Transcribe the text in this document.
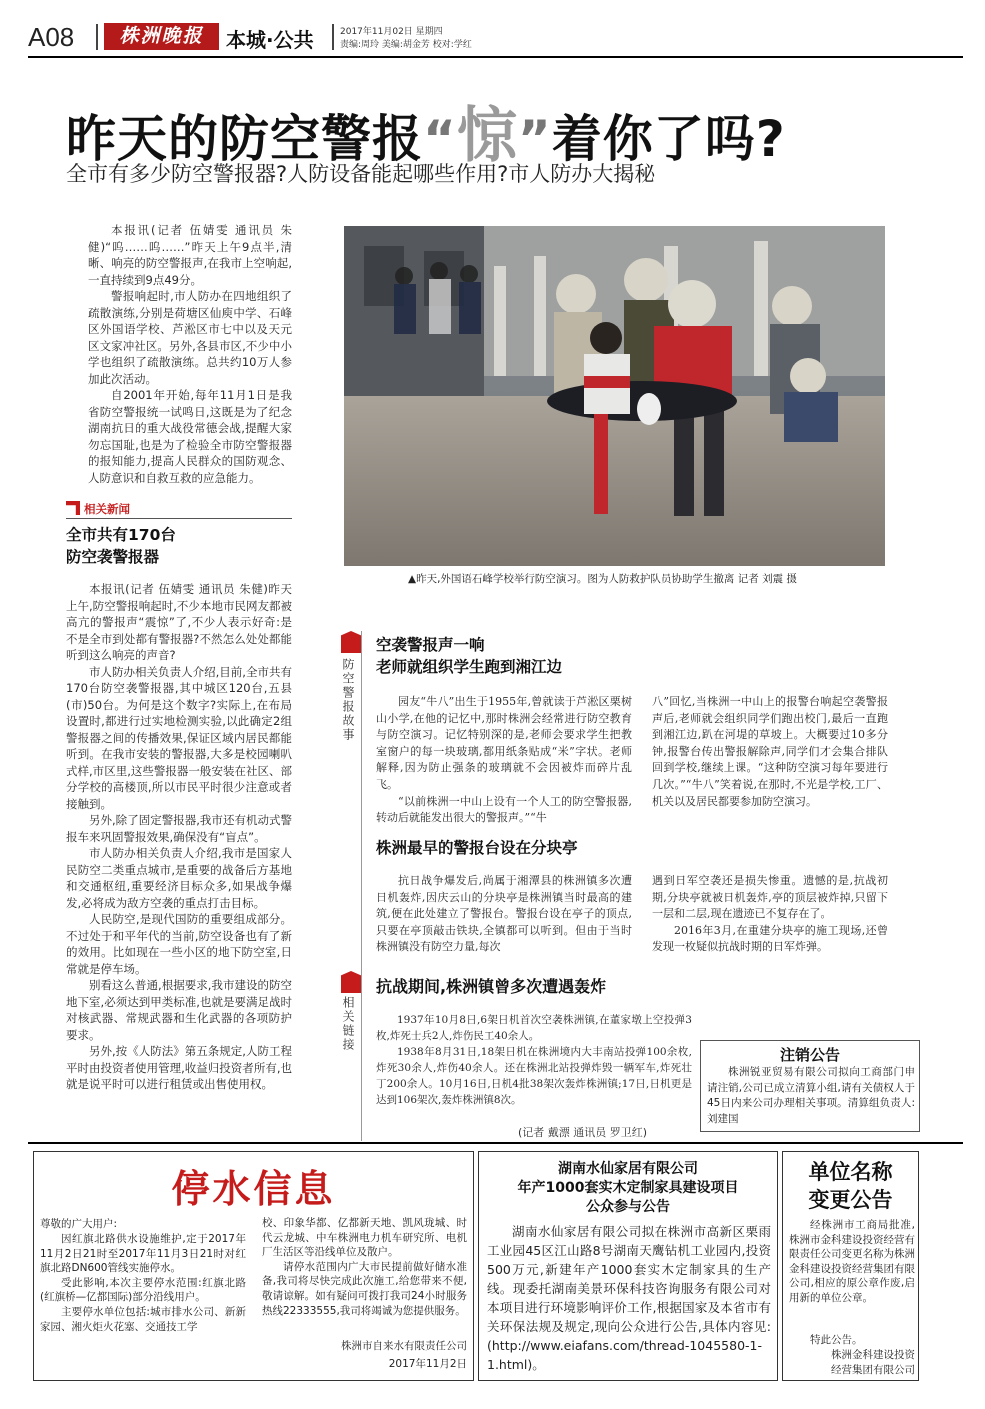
A08	株洲晚报	本城·公共	2017年11月02日 星期四
责编:周玲 美编:胡金芳 校对:学红
昨天的防空警报“惊”着你了吗?
全市有多少防空警报器?人防设备能起哪些作用?市人防办大揭秘

本报讯(记者 伍婧雯 通讯员 朱健)“呜……呜……”昨天上午9点半,清晰、响亮的防空警报声,在我市上空响起,一直持续到9点49分。

警报响起时,市人防办在四地组织了疏散演练,分别是荷塘区仙庾中学、石峰区外国语学校、芦淞区市七中以及天元区文家冲社区。另外,各县市区,不少中小学也组织了疏散演练。总共约10万人参加此次活动。

自2001年开始,每年11月1日是我省防空警报统一试鸣日,这既是为了纪念湖南抗日的重大战役常德会战,提醒大家勿忘国耻,也是为了检验全市防空警报器的报知能力,提高人民群众的国防观念、人防意识和自救互救的应急能力。

▲昨天,外国语石峰学校举行防空演习。图为人防救护队员协助学生撤离 记者 刘震 摄
相关新闻
全市共有170台
防空袭警报器

本报讯(记者 伍婧雯 通讯员 朱健)昨天上午,防空警报响起时,不少本地市民网友都被高亢的警报声“震惊”了,不少人表示好奇:是不是全市到处都有警报器?不然怎么处处都能听到这么响亮的声音?

市人防办相关负责人介绍,目前,全市共有170台防空袭警报器,其中城区120台,五县(市)50台。为何是这个数字?实际上,在布局设置时,都进行过实地检测实验,以此确定2组警报器之间的传播效果,保证区域内居民都能听到。在我市安装的警报器,大多是校园喇叭式样,市区里,这些警报器一般安装在社区、部分学校的高楼顶,所以市民平时很少注意或者接触到。

另外,除了固定警报器,我市还有机动式警报车来巩固警报效果,确保没有“盲点”。

市人防办相关负责人介绍,我市是国家人民防空二类重点城市,是重要的战备后方基地和交通枢纽,重要经济目标众多,如果战争爆发,必将成为敌方空袭的重点打击目标。

人民防空,是现代国防的重要组成部分。不过处于和平年代的当前,防空设备也有了新的效用。比如现在一些小区的地下防空室,日常就是停车场。

别看这么普通,根据要求,我市建设的防空地下室,必须达到甲类标准,也就是要满足战时对核武器、常规武器和生化武器的各项防护要求。

另外,按《人防法》第五条规定,人防工程平时由投资者使用管理,收益归投资者所有,也就是说平时可以进行租赁或出售使用权。

防空警报故事
空袭警报声一响
老师就组织学生跑到湘江边

园友“牛八”出生于1955年,曾就读于芦淞区栗树山小学,在他的记忆中,那时株洲会经常进行防空教育与防空演习。记忆特别深的是,老师会要求学生把教室窗户的每一块玻璃,都用纸条贴成“米”字状。老师解释,因为防止强条的玻璃就不会因被炸而碎片乱飞。

“以前株洲一中山上设有一个人工的防空警报器,转动后就能发出很大的警报声。”“牛

八”回忆,当株洲一中山上的报警台响起空袭警报声后,老师就会组织同学们跑出校门,最后一直跑到湘江边,趴在河堤的草坡上。大概要过10多分钟,报警台传出警报解除声,同学们才会集合排队回到学校,继续上课。“这种防空演习每年要进行几次。”“牛八”笑着说,在那时,不光是学校,工厂、机关以及居民都要参加防空演习。

株洲最早的警报台设在分块亭

抗日战争爆发后,尚属于湘潭县的株洲镇多次遭日机轰炸,因庆云山的分块亭是株洲镇当时最高的建筑,便在此处建立了警报台。警报台设在亭子的顶点,只要在亭顶敲击铁块,全镇都可以听到。但由于当时株洲镇没有防空力量,每次

遇到日军空袭还是损失惨重。遗憾的是,抗战初期,分块亭就被日机轰炸,亭的顶层被炸掉,只留下一层和二层,现在遗迹已不复存在了。

2016年3月,在重建分块亭的施工现场,还曾发现一枚疑似抗战时期的日军炸弹。

相关链接
抗战期间,株洲镇曾多次遭遇轰炸

1937年10月8日,6架日机首次空袭株洲镇,在董家墩上空投弹3枚,炸死士兵2人,炸伤民工40余人。

1938年8月31日,18架日机在株洲境内大丰南站投弹100余枚,炸死30余人,炸伤40余人。还在株洲北站投弹炸毁一辆军车,炸死壮丁200余人。10月16日,日机4批38架次轰炸株洲镇;17日,日机更是达到106架次,轰炸株洲镇8次。

(记者 戴漂 通讯员 罗卫红)
注销公告
株洲锐亚贸易有限公司拟向工商部门申请注销,公司已成立清算小组,请有关债权人于45日内来公司办理相关事项。清算组负责人:刘建国
停水信息
尊敬的广大用户:

因红旗北路供水设施维护,定于2017年11月2日21时至2017年11月3日21时对红旗北路DN600管线实施停水。

受此影响,本次主要停水范围:红旗北路(红旗桥—亿都国际)部分沿线用户。

主要停水单位包括:城市排水公司、新新家园、湘火炬火花塞、交通技工学

校、印象华都、亿都新天地、凯风珑城、时代云龙城、中车株洲电力机车研究所、电机厂生活区等沿线单位及散户。

请停水范围内广大市民提前做好储水准备,我司将尽快完成此次施工,给您带来不便,敬请谅解。如有疑问可拨打我司24小时服务热线22333555,我司将竭诚为您提供服务。

株洲市自来水有限责任公司
2017年11月2日
湖南水仙家居有限公司
年产1000套实木定制家具建设项目
公众参与公告
湖南水仙家居有限公司拟在株洲市高新区栗雨工业园45区江山路8号湖南天鹰钻机工业园内,投资500万元,新建年产1000套实木定制家具的生产线。现委托湖南美景环保科技咨询服务有限公司对本项目进行环境影响评价工作,根据国家及本省市有关环保法规及规定,现向公众进行公告,具体内容见:(http://www.eiafans.com/thread-1045580-1-1.html)。
单位名称
变更公告
经株洲市工商局批准,株洲市金科建设投资经营有限责任公司变更名称为株洲金科建设投资经营集团有限公司,相应的原公章作废,启用新的单位公章。
特此公告。
株洲金科建设投资
经营集团有限公司
